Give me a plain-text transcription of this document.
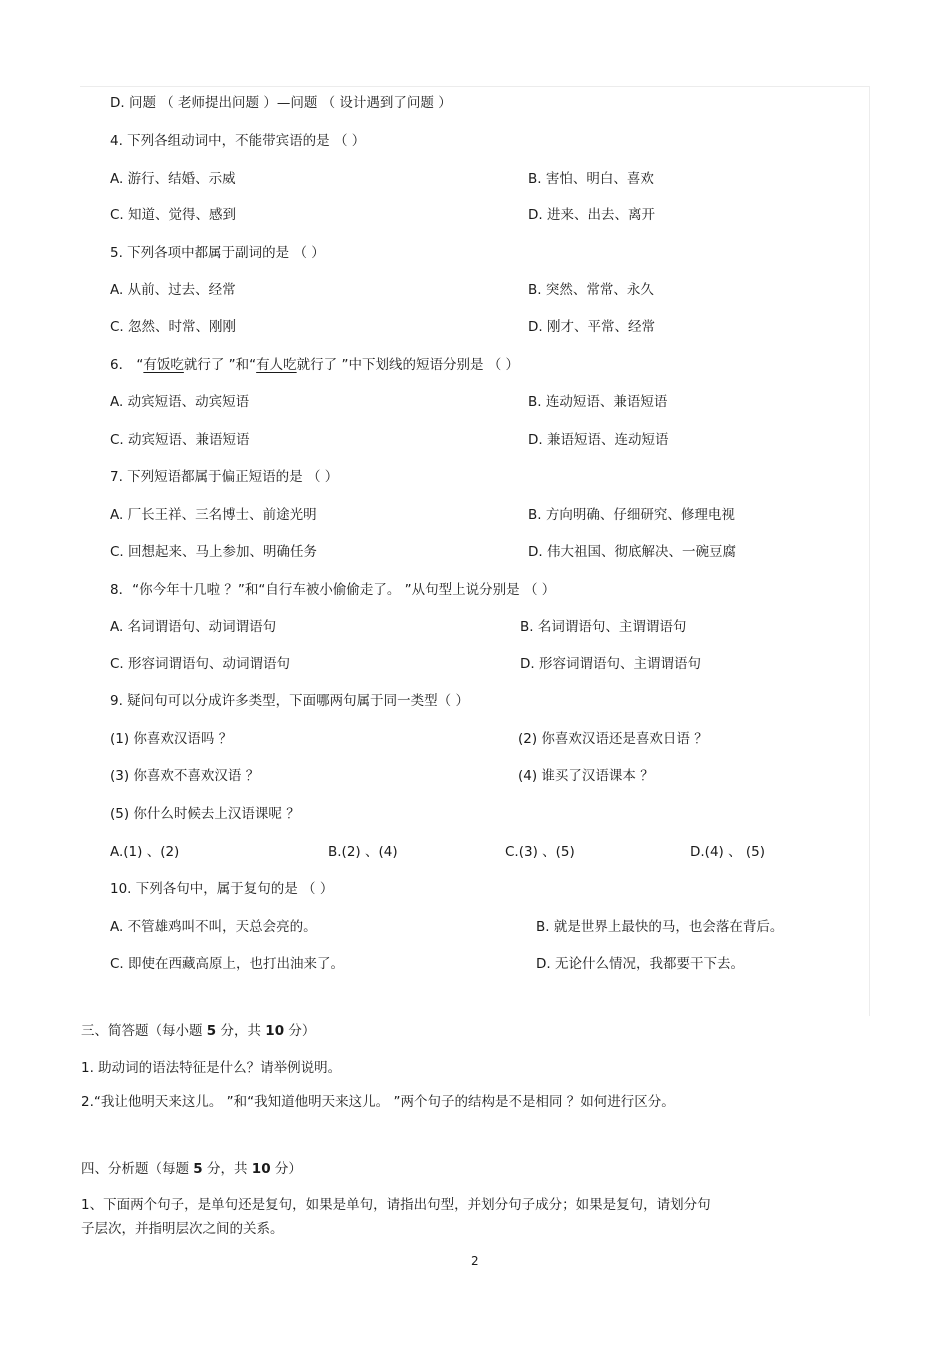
D. 问题 （ 老师提出问题 ）—问题 （ 设计遇到了问题 ）
4. 下列各组动词中，不能带宾语的是 （ ）
A. 游行、结婚、示威	B. 害怕、明白、喜欢
C. 知道、觉得、感到	D. 进来、出去、离开
5. 下列各项中都属于副词的是 （ ）
A. 从前、过去、经常	B. 突然、常常、永久
C. 忽然、时常、刚刚	D. 刚才、平常、经常
6． “有饭吃就行了 ”和“有人吃就行了 ”中下划线的短语分别是 （ ）
A. 动宾短语、动宾短语	B. 连动短语、兼语短语
C. 动宾短语、兼语短语	D. 兼语短语、连动短语
7. 下列短语都属于偏正短语的是 （ ）
A. 厂长王祥、三名博士、前途光明	B. 方向明确、仔细研究、修理电视
C. 回想起来、马上参加、明确任务	D. 伟大祖国、彻底解决、一碗豆腐
8．“你今年十几啦 ？”和“自行车被小偷偷走了。 ”从句型上说分别是 （ ）
A. 名词谓语句、动词谓语句	B. 名词谓语句、主谓谓语句
C. 形容词谓语句、动词谓语句	D. 形容词谓语句、主谓谓语句
9. 疑问句可以分成许多类型，下面哪两句属于同一类型（ ）
(1) 你喜欢汉语吗 ？	(2) 你喜欢汉语还是喜欢日语 ？
(3) 你喜欢不喜欢汉语 ？	(4) 谁买了汉语课本 ？
(5) 你什么时候去上汉语课呢 ？
A.(1) 、(2)	B.(2) 、(4)	C.(3) 、(5)	D.(4) 、 (5)
10. 下列各句中，属于复句的是 （ ）
A. 不管雄鸡叫不叫，天总会亮的。	B. 就是世界上最快的马，也会落在背后。
C. 即使在西藏高原上，也打出油来了。	D. 无论什么情况，我都要干下去。
三、简答题（每小题 5 分，共 10 分）
1. 助动词的语法特征是什么？请举例说明。
2.“我让他明天来这儿。 ”和“我知道他明天来这儿。 ”两个句子的结构是不是相同 ？如何进行区分。
四、分析题（每题 5 分，共 10 分）
1、下面两个句子，是单句还是复句，如果是单句，请指出句型，并划分句子成分；如果是复句，请划分句
子层次，并指明层次之间的关系。
2
